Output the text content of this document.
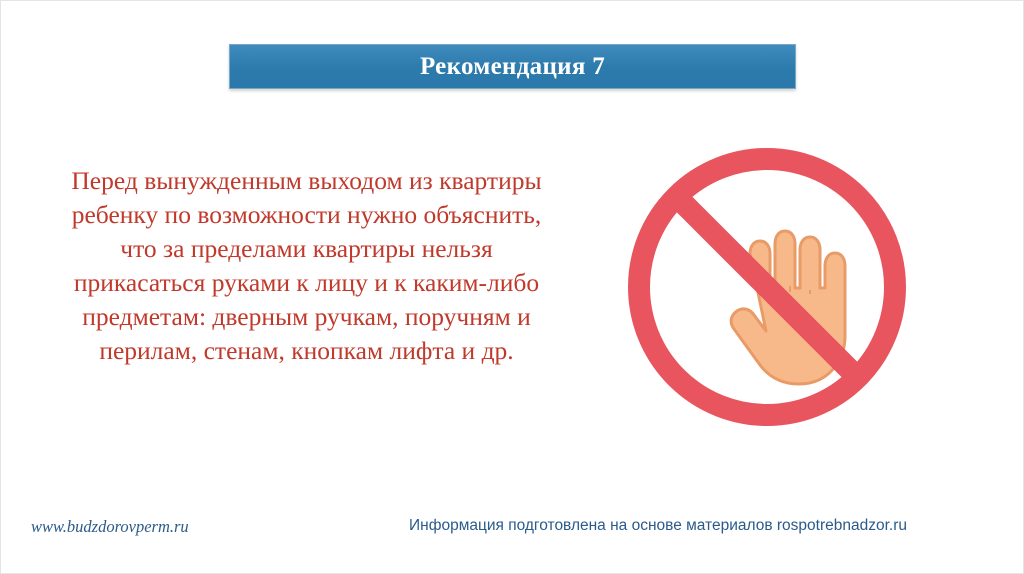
Рекомендация 7
Перед вынужденным выходом из квартиры ребенку по возможности нужно объяснить, что за пределами квартиры нельзя прикасаться руками к лицу и к каким-либо предметам: дверным ручкам, поручням и перилам, стенам, кнопкам лифта и др.
www.budzdorovperm.ru	Информация подготовлена на основе материалов rospotrebnadzor.ru
